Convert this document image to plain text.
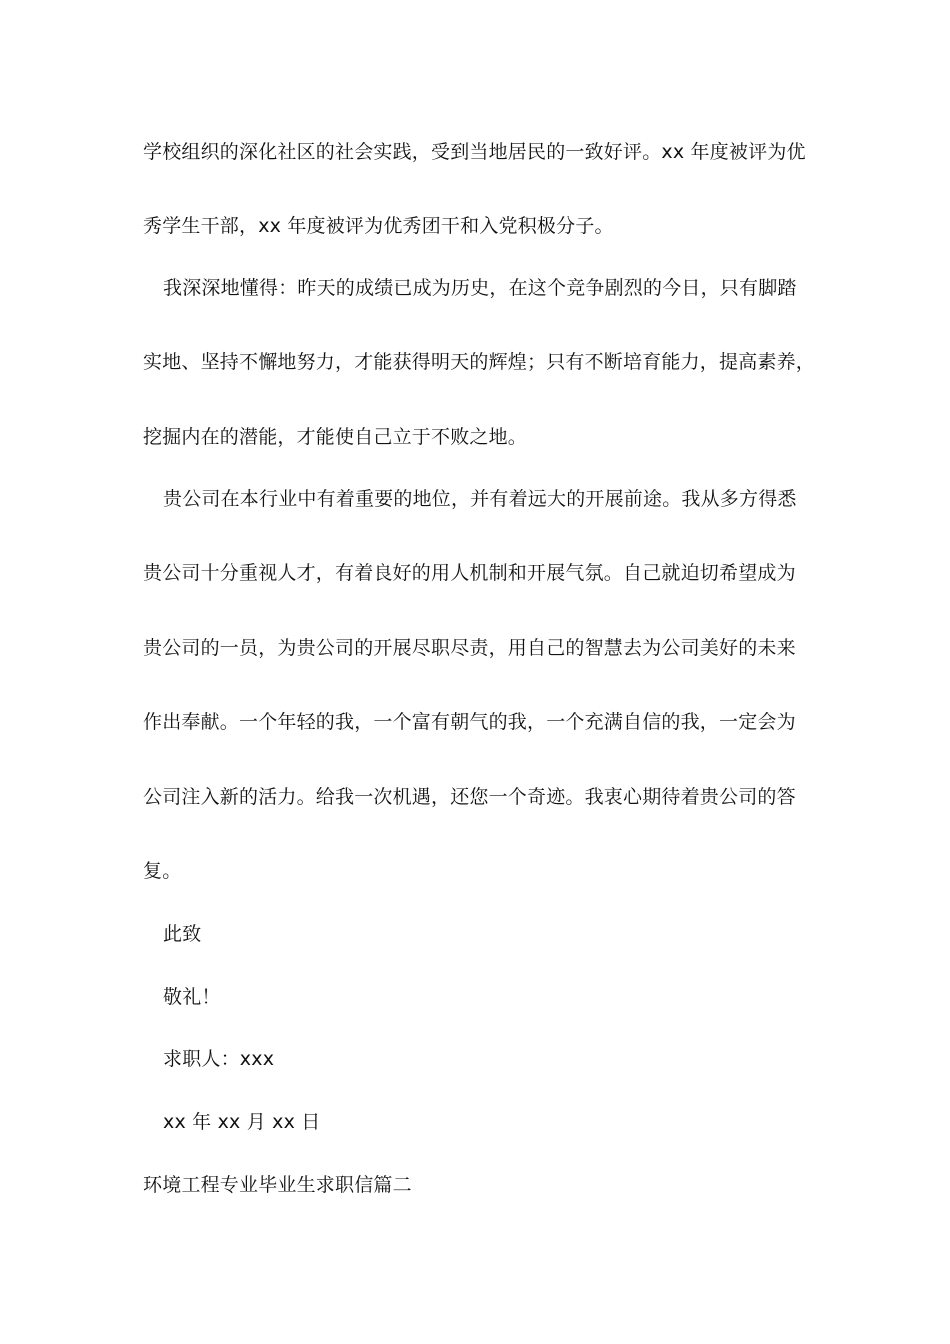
学校组织的深化社区的社会实践，受到当地居民的一致好评。xx 年度被评为优
秀学生干部，xx 年度被评为优秀团干和入党积极分子。
我深深地懂得：昨天的成绩已成为历史，在这个竞争剧烈的今日，只有脚踏
实地、坚持不懈地努力，才能获得明天的辉煌；只有不断培育能力，提高素养，
挖掘内在的潜能，才能使自己立于不败之地。
贵公司在本行业中有着重要的地位，并有着远大的开展前途。我从多方得悉
贵公司十分重视人才，有着良好的用人机制和开展气氛。自己就迫切希望成为
贵公司的一员，为贵公司的开展尽职尽责，用自己的智慧去为公司美好的未来
作出奉献。一个年轻的我，一个富有朝气的我，一个充满自信的我，一定会为
公司注入新的活力。给我一次机遇，还您一个奇迹。我衷心期待着贵公司的答
复。
此致
敬礼！
求职人：xxx
xx 年 xx 月 xx 日
环境工程专业毕业生求职信篇二
